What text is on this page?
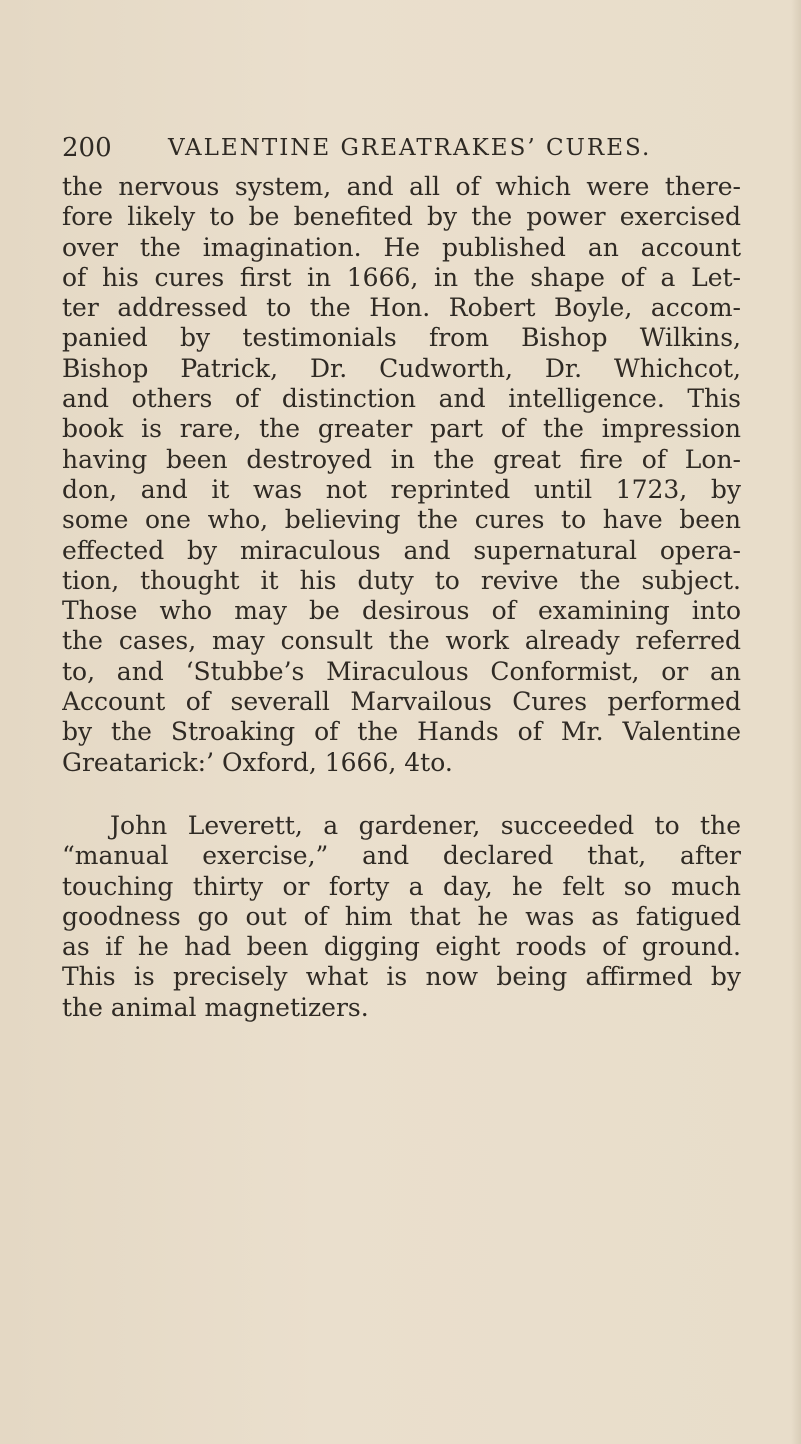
200 VALENTINE GREATRAKES’ CURES.
the nervous system, and all of which were there-
fore likely to be benefited by the power exercised
over the imagination. He published an account
of his cures first in 1666, in the shape of a Let-
ter addressed to the Hon. Robert Boyle, accom-
panied by testimonials from Bishop Wilkins,
Bishop Patrick, Dr. Cudworth, Dr. Whichcot,
and others of distinction and intelligence. This
book is rare, the greater part of the impression
having been destroyed in the great fire of Lon-
don, and it was not reprinted until 1723, by
some one who, believing the cures to have been
effected by miraculous and supernatural opera-
tion, thought it his duty to revive the subject.
Those who may be desirous of examining into
the cases, may consult the work already referred
to, and ‘Stubbe’s Miraculous Conformist, or an
Account of severall Marvailous Cures performed
by the Stroaking of the Hands of Mr. Valentine
Greatarick:’ Oxford, 1666, 4to.
John Leverett, a gardener, succeeded to the
“manual exercise,” and declared that, after
touching thirty or forty a day, he felt so much
goodness go out of him that he was as fatigued
as if he had been digging eight roods of ground.
This is precisely what is now being affirmed by
the animal magnetizers.
